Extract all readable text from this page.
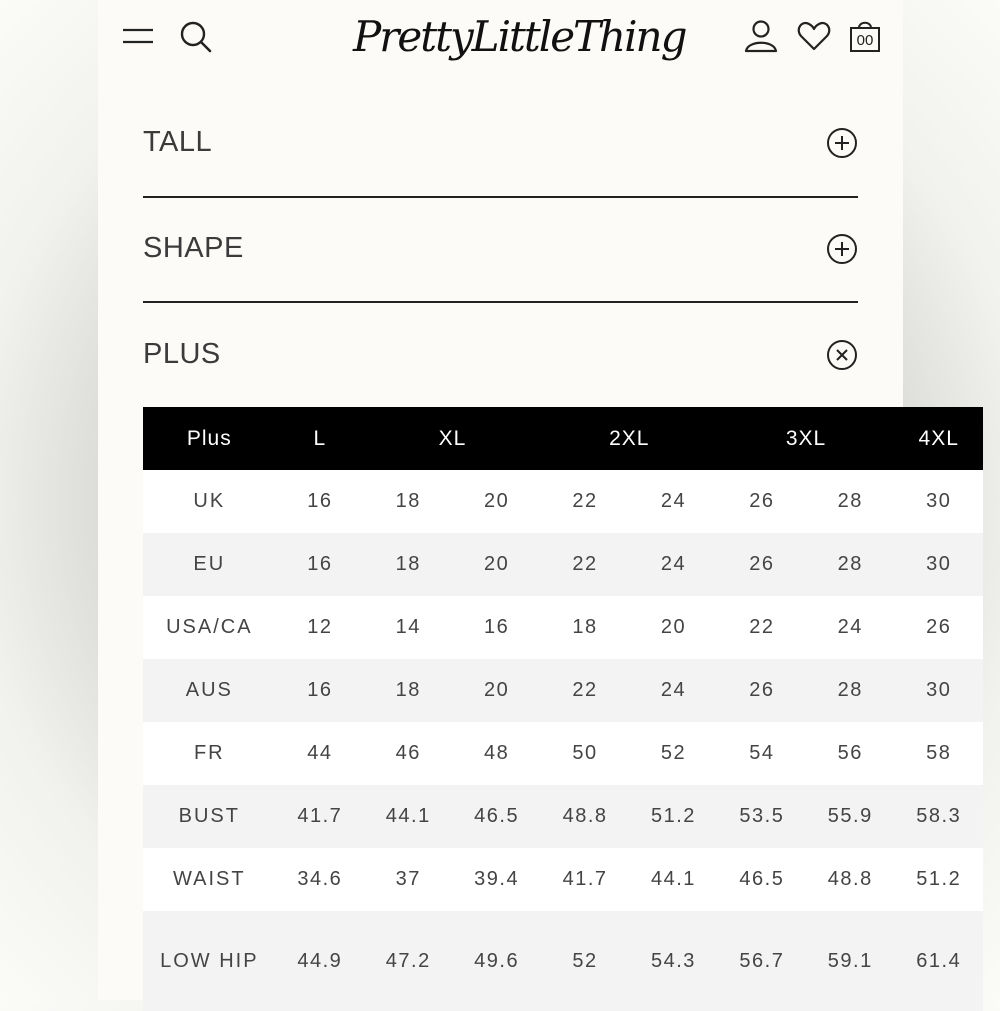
PrettyLittleThing	00
TALL
SHAPE
PLUS
Plus	L	XL		2XL		3XL		4XL
UK	16	18	20	22	24	26	28	30
EU	16	18	20	22	24	26	28	30
USA/CA	12	14	16	18	20	22	24	26
AUS	16	18	20	22	24	26	28	30
FR	44	46	48	50	52	54	56	58
BUST	41.7	44.1	46.5	48.8	51.2	53.5	55.9	58.3
WAIST	34.6	37	39.4	41.7	44.1	46.5	48.8	51.2
LOW HIP	44.9	47.2	49.6	52	54.3	56.7	59.1	61.4
